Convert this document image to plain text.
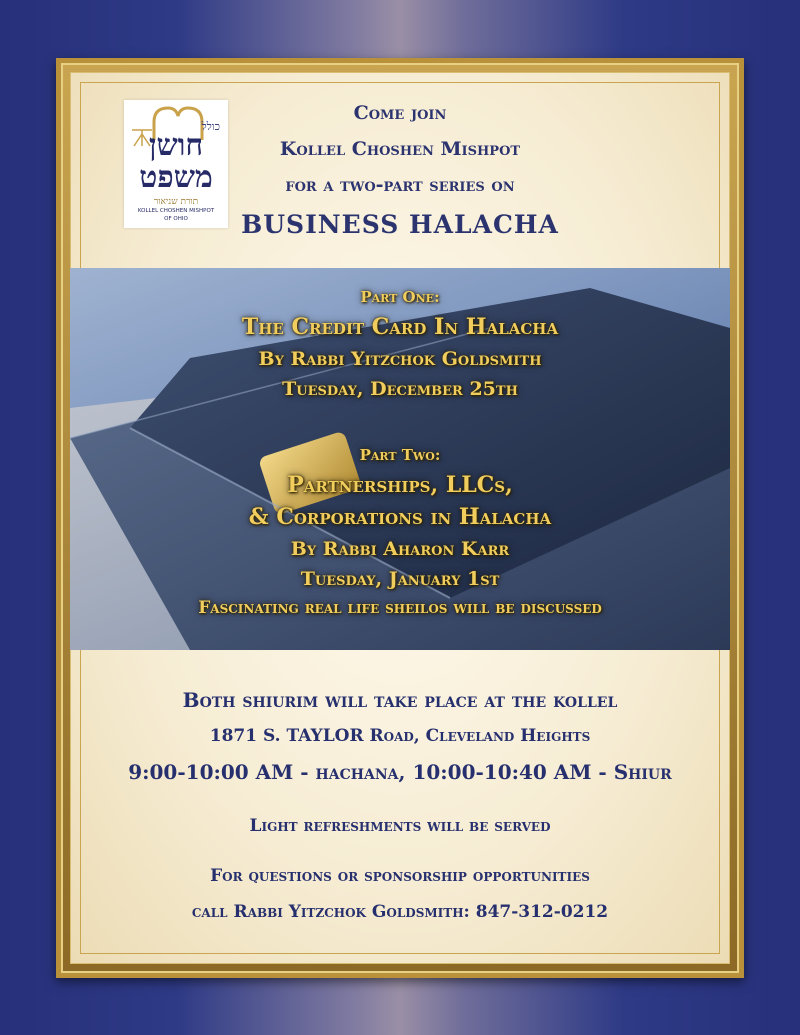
כולל
חושן
משפט
תורת שניאור
KOLLEL CHOSHEN MISHPOT
OF OHIO

Come join

Kollel Choshen Mishpot

for a two-part series on

BUSINESS HALACHA

Part One:

The Credit Card In Halacha

By Rabbi Yitzchok Goldsmith

Tuesday, December 25th

Part Two:

Partnerships, LLCs,

& Corporations in Halacha

By Rabbi Aharon Karr

Tuesday, January 1st

Fascinating real life sheilos will be discussed

Both shiurim will take place at the kollel

1871 S. TAYLOR Road, Cleveland Heights

9:00-10:00 AM - hachana, 10:00-10:40 AM - Shiur

Light refreshments will be served

For questions or sponsorship opportunities

call Rabbi Yitzchok Goldsmith: 847-312-0212
